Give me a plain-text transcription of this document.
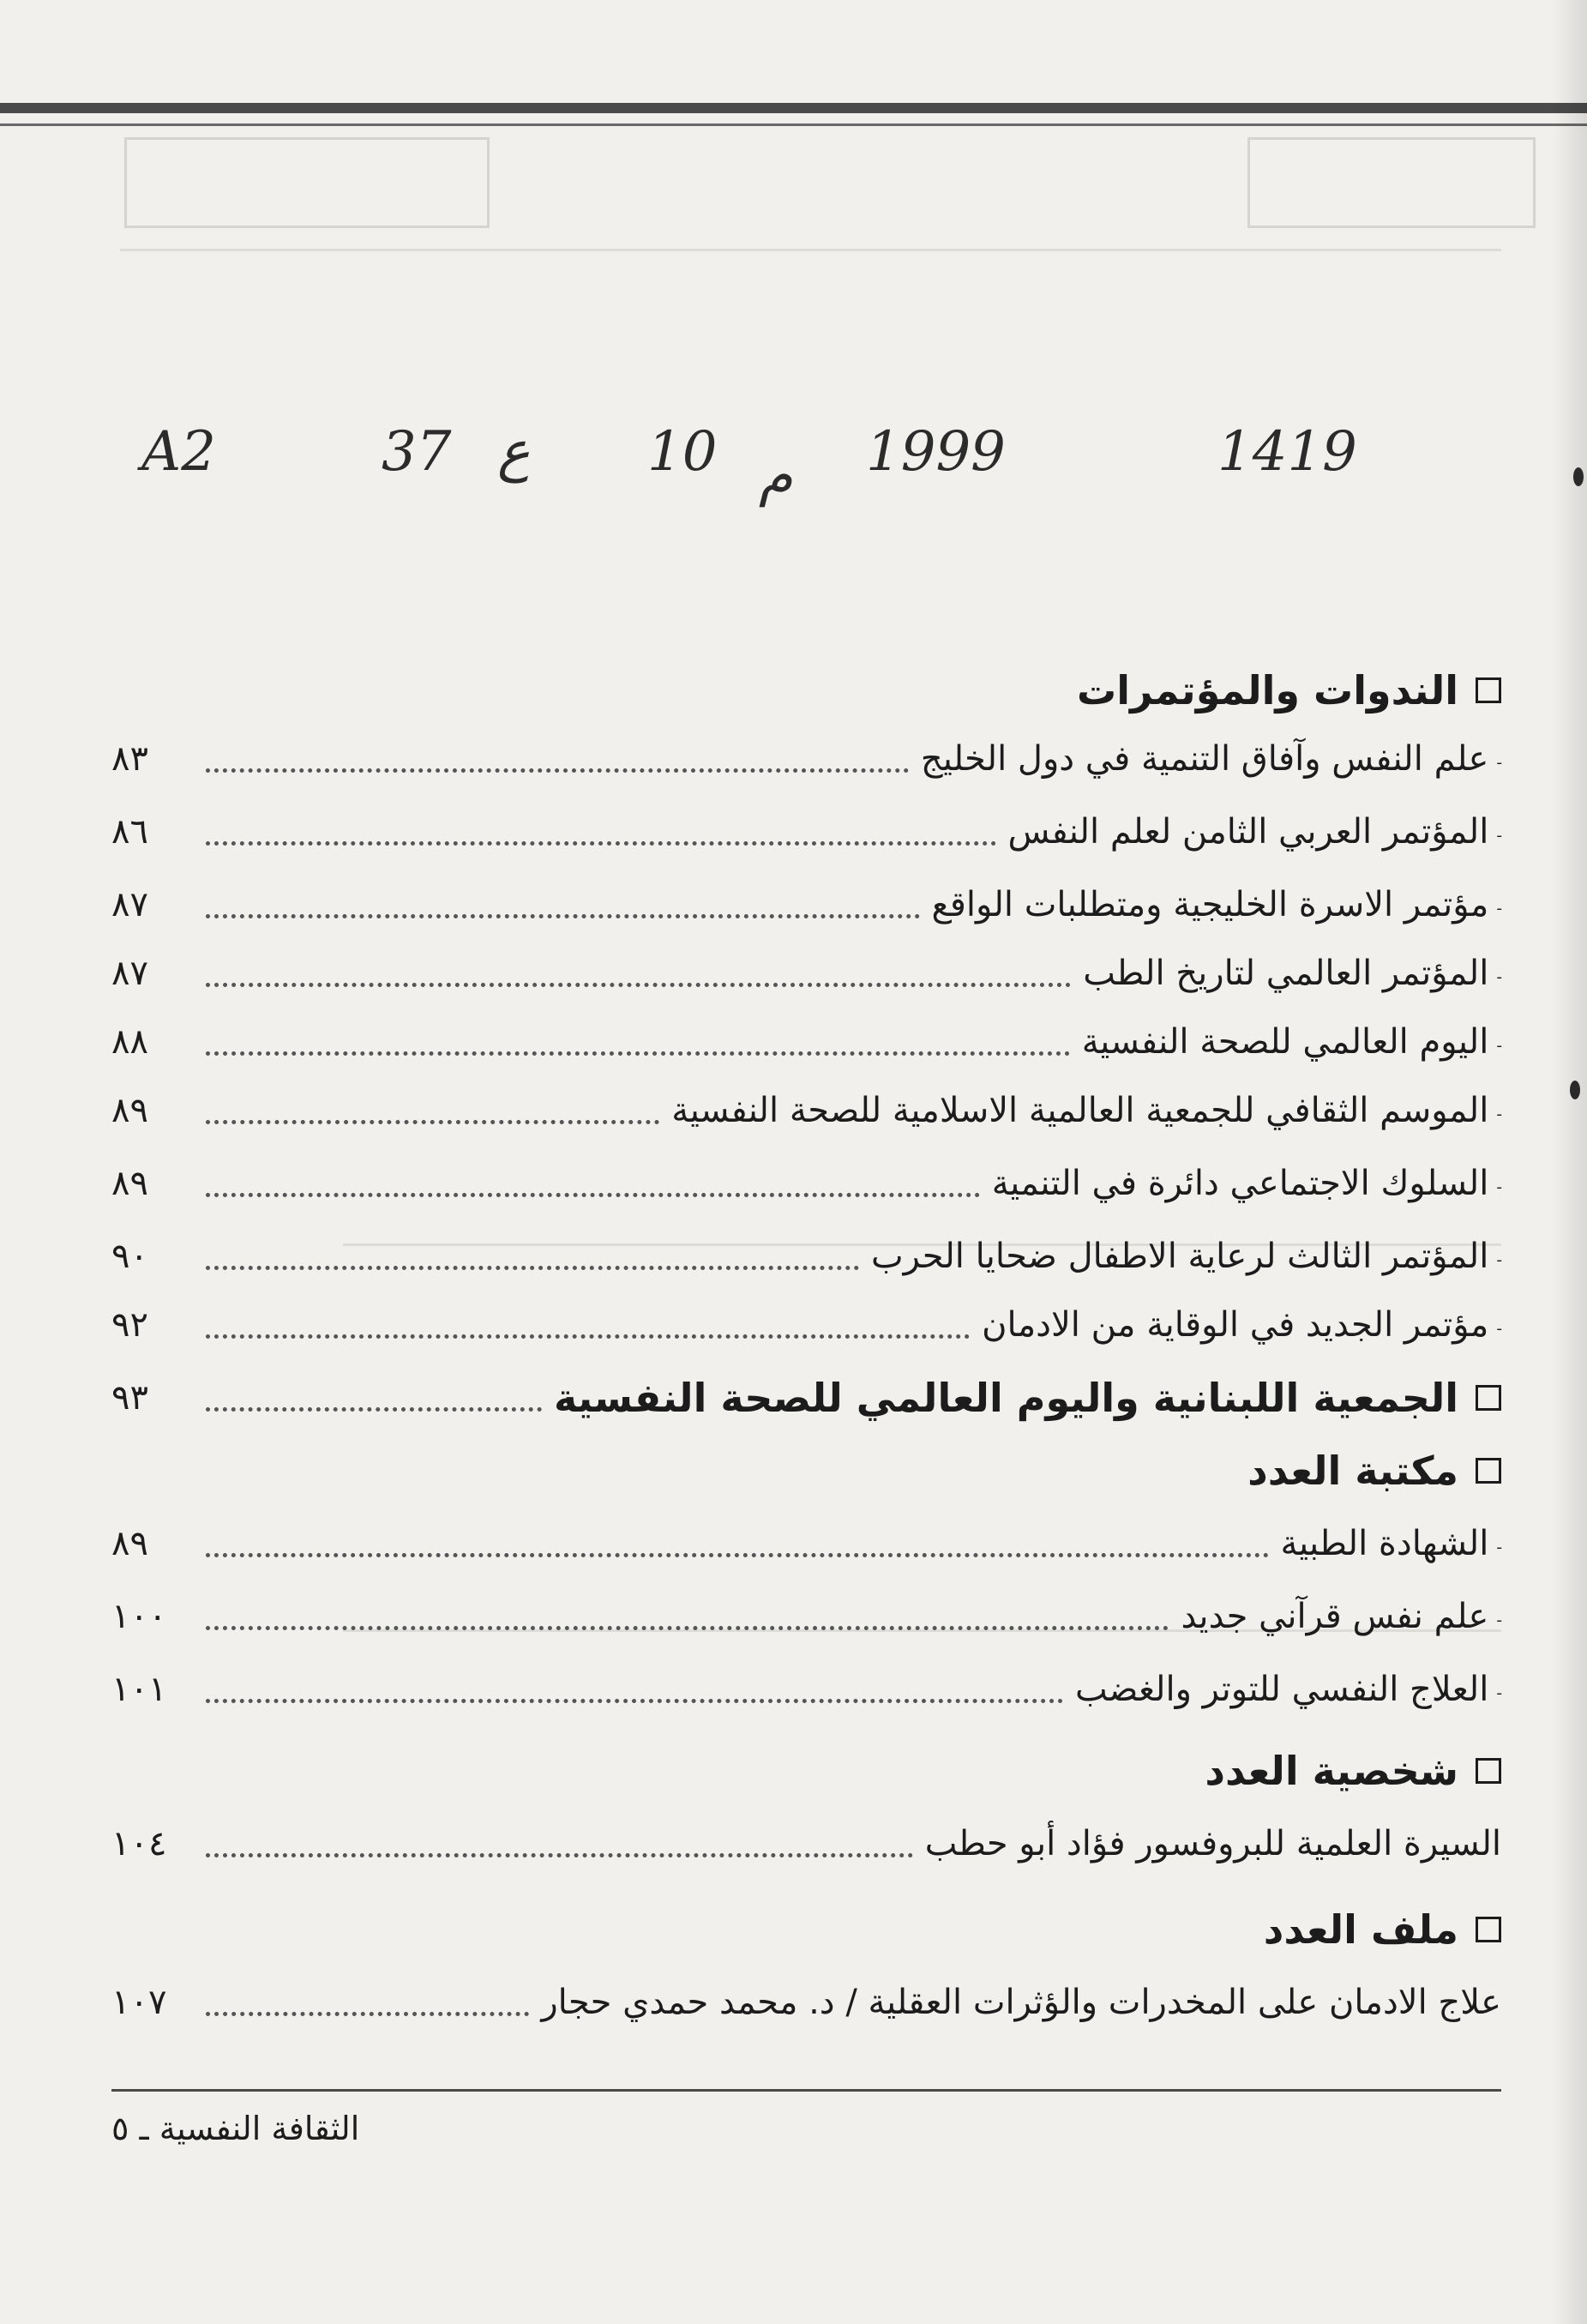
A2	37 ع 10 م 1999	1419
الندوات والمؤتمرات
ـ
علم النفس وآفاق التنمية في دول الخليج
٨٣
ـ
المؤتمر العربي الثامن لعلم النفس
٨٦
ـ
مؤتمر الاسرة الخليجية ومتطلبات الواقع
٨٧
ـ
المؤتمر العالمي لتاريخ الطب
٨٧
ـ
اليوم العالمي للصحة النفسية
٨٨
ـ
الموسم الثقافي للجمعية العالمية الاسلامية للصحة النفسية
٨٩
ـ
السلوك الاجتماعي دائرة في التنمية
٨٩
ـ
المؤتمر الثالث لرعاية الاطفال ضحايا الحرب
٩٠
ـ
مؤتمر الجديد في الوقاية من الادمان
٩٢
الجمعية اللبنانية واليوم العالمي للصحة النفسية
٩٣
مكتبة العدد
ـ
الشهادة الطبية
٨٩
ـ
علم نفس قرآني جديد
١٠٠
ـ
العلاج النفسي للتوتر والغضب
١٠١
شخصية العدد
السيرة العلمية للبروفسور فؤاد أبو حطب
١٠٤
ملف العدد
علاج الادمان على المخدرات والؤثرات العقلية / د. محمد حمدي حجار
١٠٧
الثقافة النفسية ـ ٥
